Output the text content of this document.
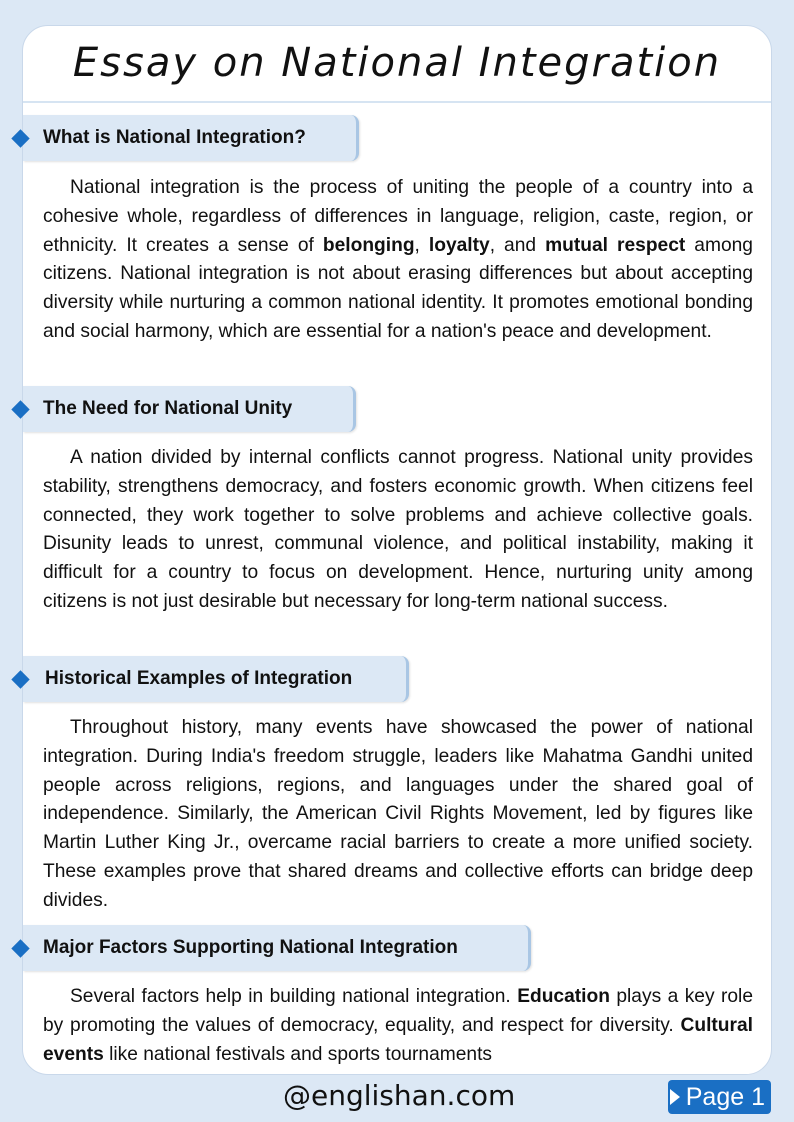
Essay on National Integration
What is National Integration?
National integration is the process of uniting the people of a country into a cohesive whole, regardless of differences in language, religion, caste, region, or ethnicity. It creates a sense of belonging, loyalty, and mutual respect among citizens. National integration is not about erasing differences but about accepting diversity while nurturing a common national identity. It promotes emotional bonding and social harmony, which are essential for a nation's peace and development.
The Need for National Unity
A nation divided by internal conflicts cannot progress. National unity provides stability, strengthens democracy, and fosters economic growth. When citizens feel connected, they work together to solve problems and achieve collective goals. Disunity leads to unrest, communal violence, and political instability, making it difficult for a country to focus on development. Hence, nurturing unity among citizens is not just desirable but necessary for long-term national success.
Historical Examples of Integration
Throughout history, many events have showcased the power of national integration. During India's freedom struggle, leaders like Mahatma Gandhi united people across religions, regions, and languages under the shared goal of independence. Similarly, the American Civil Rights Movement, led by figures like Martin Luther King Jr., overcame racial barriers to create a more unified society. These examples prove that shared dreams and collective efforts can bridge deep divides.
Major Factors Supporting National Integration
Several factors help in building national integration. Education plays a key role by promoting the values of democracy, equality, and respect for diversity. Cultural events like national festivals and sports tournaments
@englishan.com	Page 1
